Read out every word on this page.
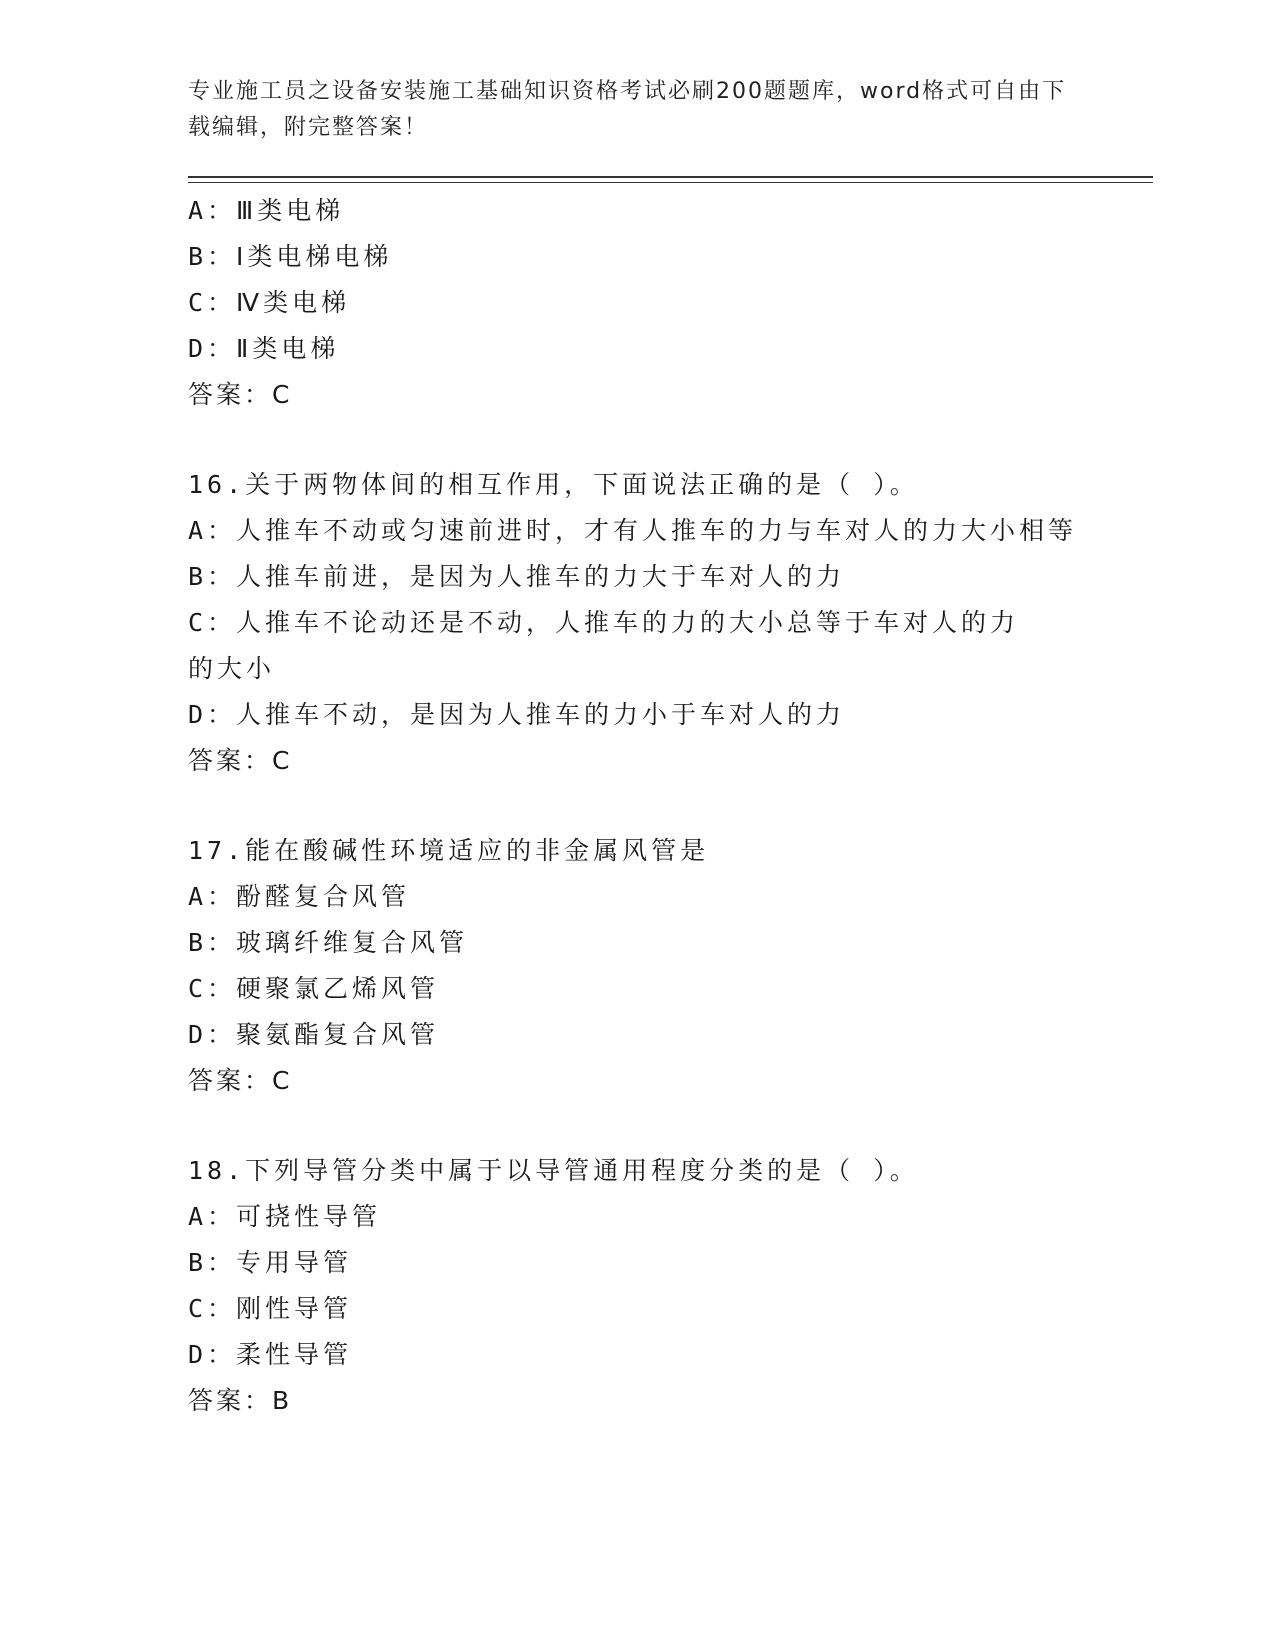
专业施工员之设备安装施工基础知识资格考试必刷200题题库，word格式可自由下载编辑，附完整答案！
A：Ⅲ类电梯
B：Ⅰ类电梯电梯
C：Ⅳ类电梯
D：Ⅱ类电梯
答案：C
16.关于两物体间的相互作用，下面说法正确的是（ ）。
A：人推车不动或匀速前进时，才有人推车的力与车对人的力大小相等
B：人推车前进，是因为人推车的力大于车对人的力
C：人推车不论动还是不动，人推车的力的大小总等于车对人的力的大小
D：人推车不动，是因为人推车的力小于车对人的力
答案：C
17.能在酸碱性环境适应的非金属风管是
A：酚醛复合风管
B：玻璃纤维复合风管
C：硬聚氯乙烯风管
D：聚氨酯复合风管
答案：C
18.下列导管分类中属于以导管通用程度分类的是（ ）。
A：可挠性导管
B：专用导管
C：刚性导管
D：柔性导管
答案：B
